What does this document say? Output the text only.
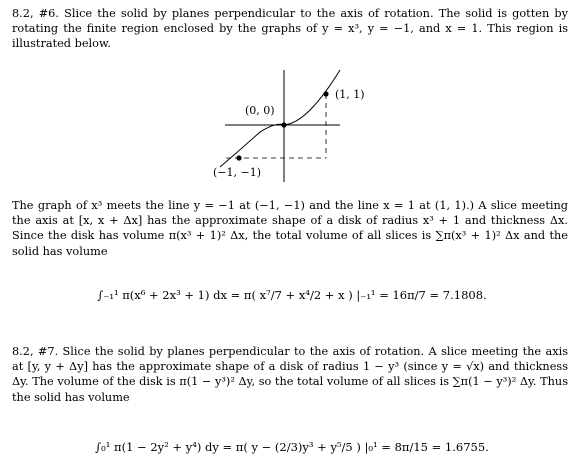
8.2, #6. Slice the solid by planes perpendicular to the axis of rotation. The solid is gotten by rotating the finite region enclosed by the graphs of y = x³, y = −1, and x = 1. This region is illustrated below.
(0, 0)
(1, 1)
(−1, −1)
The graph of x³ meets the line y = −1 at (−1, −1) and the line x = 1 at (1, 1).) A slice meeting the axis at [x, x + Δx] has the approximate shape of a disk of radius x³ + 1 and thickness Δx. Since the disk has volume π(x³ + 1)² Δx, the total volume of all slices is ∑π(x³ + 1)² Δx and the solid has volume
∫₋₁¹ π(x⁶ + 2x³ + 1) dx = π( x⁷/7 + x⁴/2 + x ) |₋₁¹ = 16π/7 = 7.1808.
8.2, #7. Slice the solid by planes perpendicular to the axis of rotation. A slice meeting the axis at [y, y + Δy] has the approximate shape of a disk of radius 1 − y³ (since y = √x) and thickness Δy. The volume of the disk is π(1 − y³)² Δy, so the total volume of all slices is ∑π(1 − y³)² Δy. Thus the solid has volume
∫₀¹ π(1 − 2y² + y⁴) dy = π( y − (2/3)y³ + y⁵/5 ) |₀¹ = 8π/15 = 1.6755.
